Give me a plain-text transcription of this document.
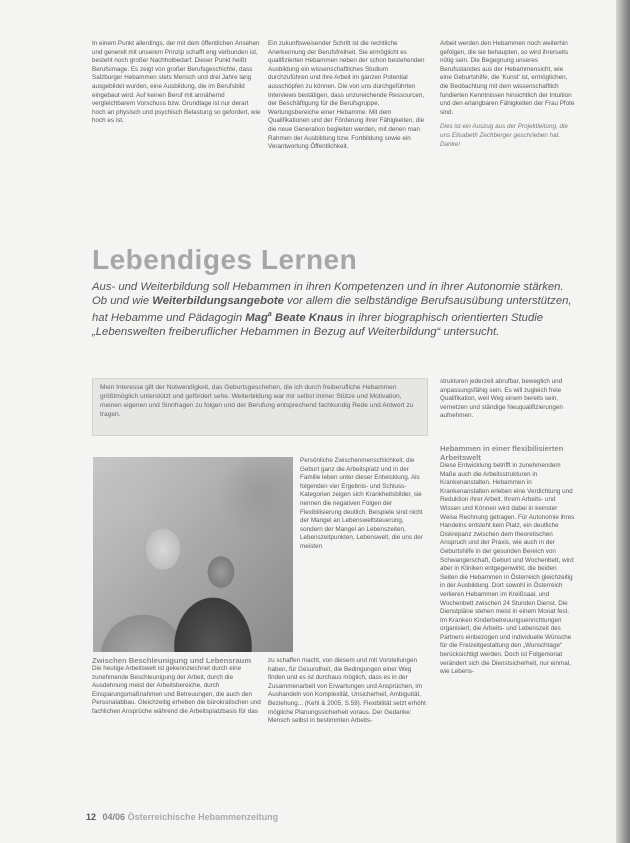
In einem Punkt allerdings, der mit dem öffentlichen Ansehen und generell mit unserem Prinzip schafft eng verbunden ist, besteht noch großer Nachholbedarf. Dieser Punkt heißt Berufsimage. Es zeigt von großer Berufsgeschichte, dass Salzburger Hebammen stets Mensch und drei Jahre lang ausgebildet wurden, eine Ausbildung, die im Berufsbild eingebaut wird. Auf keinen Beruf mit annähernd vergleichbarem Vorschuss bzw. Grundlage ist nur derart hoch an physisch und psychisch Belastung so gefordert, wie hoch es ist.

Ein zukunftsweisender Schritt ist die rechtliche Anerkennung der Berufsfreiheit. Sie ermöglicht es qualifizierten Hebammen neben der schon bestehenden Ausbildung ein wissenschaftliches Studium durchzuführen und ihre Arbeit im ganzen Potential ausschöpfen zu können. Die von uns durchgeführten Interviews bestätigen, dass unzureichende Ressourcen, der Beschäftigung für die Berufsgruppe, Wertungsbereiche einer Hebamme. Mit dem Qualifikationen und der Förderung ihrer Fähigkeiten, die die neue Generation begleiten werden, mit denen man Rahmen der Ausbildung bzw. Fortbildung sowie ein Verantwortung Öffentlichkeit.

Arbeit werden den Hebammen noch weiterhin gefolgen, die sie behaupten, so wird ihrerseits nötig sein. Die Begegnung unseres Berufsstandes aus der Hebammensicht, wie eine Geburtshilfe, die 'Kunst' ist, ermöglichen, die Beobachtung mit dem wissenschaftlich fundierten Kenntnissen hinsichtlich der Intuition und den erlangbaren Fähigkeiten der Frau Pfote sind.

Dies ist ein Auszug aus der Projektleitung, die uns Elisabeth Zechberger geschrieben hat. Danke!

Lebendiges Lernen
Aus- und Weiterbildung soll Hebammen in ihren Kompetenzen und in ihrer Autonomie stärken. Ob und wie Weiterbildungsangebote vor allem die selbständige Berufsausübung unterstützen, hat Hebamme und Pädagogin Mag$^a$ Beate Knaus in ihrer biographisch orientierten Studie „Lebenswelten freiberuflicher Hebammen in Bezug auf Weiterbildung“ untersucht.
Mein Interesse gilt der Notwendigkeit, das Geburtsgeschehen, die ich durch freiberufliche Hebammen größtmöglich unterstützt und gefördert sehe. Weiterbildung war mir selbst immer Stütze und Motivation, meinen eigenen und Sinnfragen zu folgen und der Berufung entsprechend fachkundig Rede und Antwort zu tragen.

Persönliche Zwischenmenschlichkeit, die Geburt ganz die Arbeitsplatz und in der Familie leben unter dieser Entwicklung. Als folgenden vier Ergebnis- und Schluss-Kategorien zeigen sich Krankheitsbilder, sie nennen die negativen Folgen der Flexibilisierung deutlich. Beispiele sind nicht der Mangel an Lebensweltsteuerung, sondern der Mangel an Lebenszeiten, Lebenszeitpunkten, Lebenswelt, die uns der meisten

Zwischen Beschleunigung und Lebensraum

Die heutige Arbeitswelt ist gekennzeichnet durch eine zunehmende Beschleunigung der Arbeit, durch die Ausdehnung meist der Arbeitsbereiche, durch Einsparungsmaßnahmen und Betreuungen, die auch den Personalabbau. Gleichzeitig erheben die bürokratischen und fachlichen Ansprüche während die Arbeitsplatzbasis für das

zu schaffen macht, von diesem und mit Vorstellungen haben, für Gesundheit, die Bedingungen einer Weg finden und es ist durchaus möglich, dass es in der Zusammenarbeit von Erwartungen und Ansprüchen, im Aushandeln von Komplexität, Unsicherheit, Ambiguität, Beziehung... (Kehl & 2005, S.59). Flexibilität setzt erhöht mögliche Planungssicherheit voraus. Der Gedanke: Mensch selbst in bestimmten Arbeits-

strukturen jederzeit abrufbar, beweglich und anpassungsfähig sein. Es will zugleich freie Qualifikation, weil Weg einem bereits sein, vernetzen und ständige Neuqualifizierungen aufnehmen.

Hebammen in einer flexibilisierten Arbeitswelt

Diese Entwicklung betrifft in zunehmendem Maße auch die Arbeitsstrukturen in Krankenanstalten. Hebammen in Krankenanstalten erleben eine Verdichtung und Reduktion ihrer Arbeit. Ihrem Arbeits- und Wissen und Können wird dabei in keinster Weise Rechnung getragen. Für Autonomie ihres Handelns entsteht kein Platz, ein deutliche Diskrepanz zwischen dem theoretischen Anspruch und der Praxis, wie auch in der Geburtshilfe in der gesunden Bereich von Schwangerschaft, Geburt und Wochenbett, wird aber in Kliniken entgegenwirkt, die beiden Seiten die Hebammen in Österreich gleichzeitig in der Ausbildung. Dort sowohl in Österreich verlieren Hebammen im Kreißsaal, und Wochenbett zwischen 24 Stunden Dienst. Die Dienstpläne stehen meist in einem Monat fest. Im Kranken Kinderbetreuungseinrichtungen organisiert, die Arbeits- und Lebenszeit des Partners einbezogen und individuelle Wünsche für die Freizeitgestaltung den „Wunschtage“ berücksichtigt werden. Doch ist Folgemonat verändert sich die Dienstsicherheit, nur einmal, wie Lebens-

12 04/06 Österreichische Hebammenzeitung
